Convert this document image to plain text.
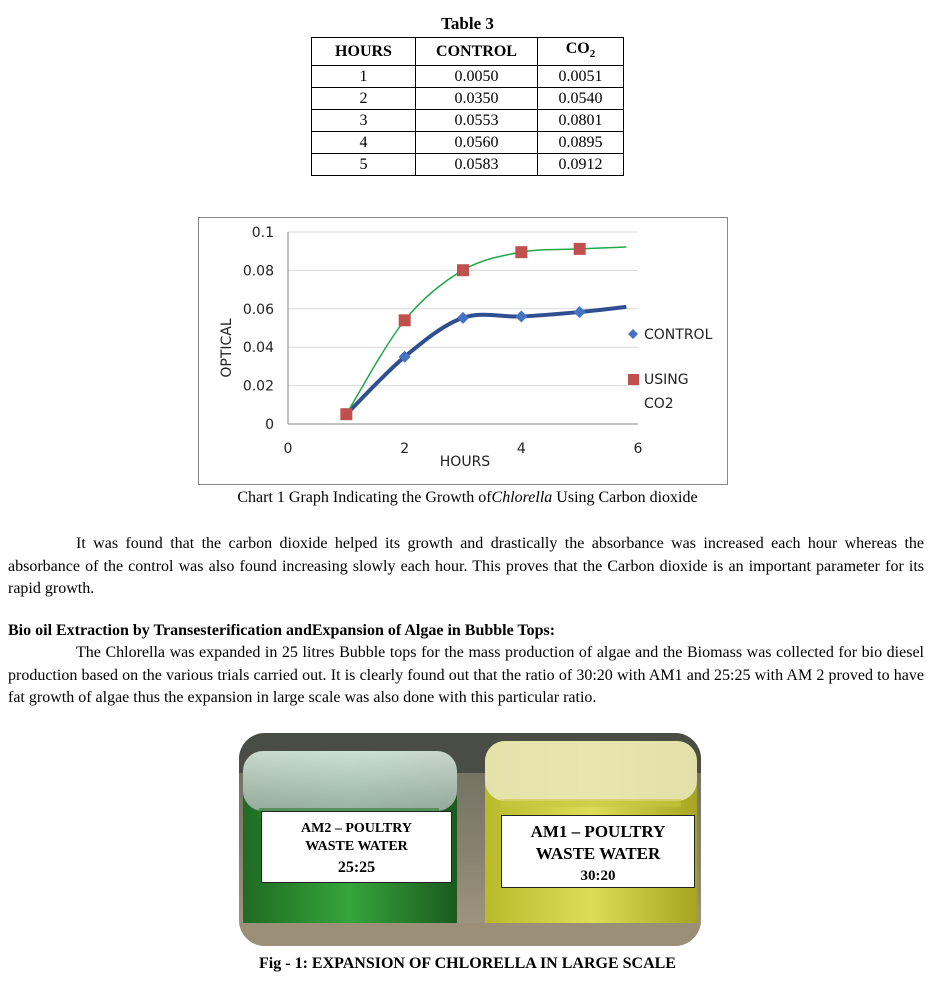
Table 3
HOURS	CONTROL	$CO_2$
1	0.0050	0.0051
2	0.0350	0.0540
3	0.0553	0.0801
4	0.0560	0.0895
5	0.0583	0.0912
0
0.02
0.04
0.06
0.08
0.1
0	2	4	6
CONTROL
USING
CO2
HOURS
OPTICAL
Chart 1 Graph Indicating the Growth ofChlorella Using Carbon dioxide
It was found that the carbon dioxide helped its growth and drastically the absorbance was increased each hour whereas the absorbance of the control was also found increasing slowly each hour. This proves that the Carbon dioxide is an important parameter for its rapid growth.
Bio oil Extraction by Transesterification andExpansion of Algae in Bubble Tops:
The Chlorella was expanded in 25 litres Bubble tops for the mass production of algae and the Biomass was collected for bio diesel production based on the various trials carried out. It is clearly found out that the ratio of 30:20 with AM1 and 25:25 with AM 2 proved to have fat growth of algae thus the expansion in large scale was also done with this particular ratio.
AM2 – POULTRY
WASTE WATER
25:25
AM1 – POULTRY
WASTE WATER
30:20
Fig - 1: EXPANSION OF CHLORELLA IN LARGE SCALE
